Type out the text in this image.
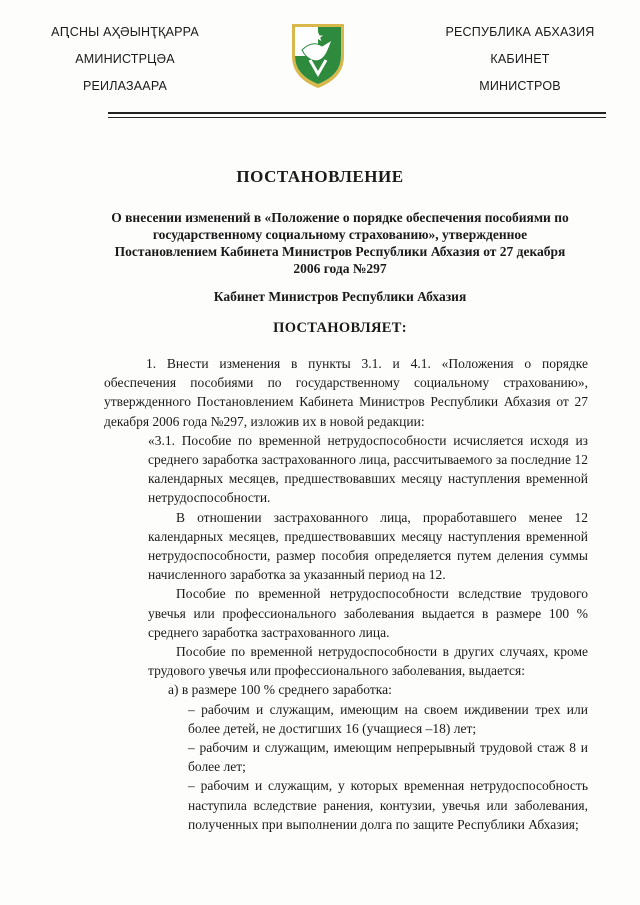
АԤСНЫ АҲӘЫНҬҚАРРА
АМИНИСТРЦӘА
РЕИЛАЗААРА
РЕСПУБЛИКА АБХАЗИЯ
КАБИНЕТ
МИНИСТРОВ
ПОСТАНОВЛЕНИЕ
О внесении изменений в «Положение о порядке обеспечения пособиями по государственному социальному страхованию», утвержденное Постановлением Кабинета Министров Республики Абхазия от 27 декабря 2006 года №297
Кабинет Министров Республики Абхазия
ПОСТАНОВЛЯЕТ:

1. Внести изменения в пункты 3.1. и 4.1. «Положения о порядке обеспечения пособиями по государственному социальному страхованию», утвержденного Постановлением Кабинета Министров Республики Абхазия от 27 декабря 2006 года №297, изложив их в новой редакции:

«3.1. Пособие по временной нетрудоспособности исчисляется исходя из среднего заработка застрахованного лица, рассчитываемого за последние 12 календарных месяцев, предшествовавших месяцу наступления временной нетрудоспособности.

В отношении застрахованного лица, проработавшего менее 12 календарных месяцев, предшествовавших месяцу наступления временной нетрудоспособности, размер пособия определяется путем деления суммы начисленного заработка за указанный период на 12.

Пособие по временной нетрудоспособности вследствие трудового увечья или профессионального заболевания выдается в размере 100 % среднего заработка застрахованного лица.

Пособие по временной нетрудоспособности в других случаях, кроме трудового увечья или профессионального заболевания, выдается:

а) в размере 100 % среднего заработка:

– рабочим и служащим, имеющим на своем иждивении трех или более детей, не достигших 16 (учащиеся –18) лет;

– рабочим и служащим, имеющим непрерывный трудовой стаж 8 и более лет;

– рабочим и служащим, у которых временная нетрудоспособность наступила вследствие ранения, контузии, увечья или заболевания, полученных при выполнении долга по защите Республики Абхазия;
